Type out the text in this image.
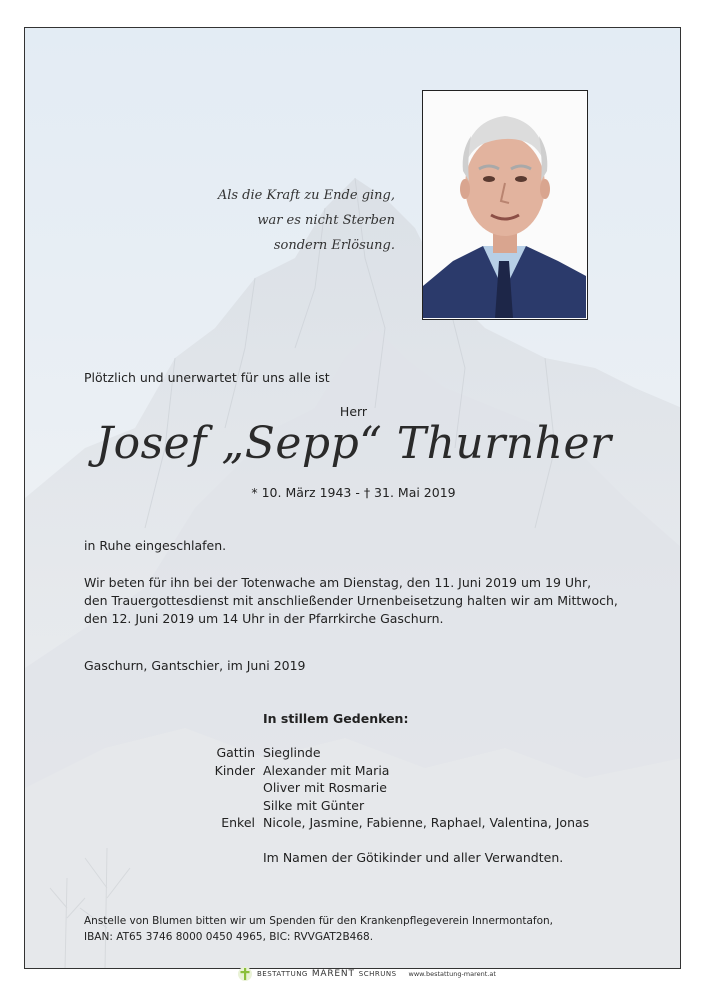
Als die Kraft zu Ende ging,
war es nicht Sterben
sondern Erlösung.
Plötzlich und unerwartet für uns alle ist
Herr
Josef „Sepp“ Thurnher
* 10. März 1943 - † 31. Mai 2019
in Ruhe eingeschlafen.
Wir beten für ihn bei der Totenwache am Dienstag, den 11. Juni 2019 um 19 Uhr,
den Trauergottesdienst mit anschließender Urnenbeisetzung halten wir am Mittwoch,
den 12. Juni 2019 um 14 Uhr in der Pfarrkirche Gaschurn.
Gaschurn, Gantschier, im Juni 2019
In stillem Gedenken:
Gattin Sieglinde
Kinder Alexander mit Maria
Oliver mit Rosmarie
Silke mit Günter
Enkel Nicole, Jasmine, Fabienne, Raphael, Valentina, Jonas
Im Namen der Götikinder und aller Verwandten.
Anstelle von Blumen bitten wir um Spenden für den Krankenpflegeverein Innermontafon,
IBAN: AT65 3746 8000 0450 4965, BIC: RVVGAT2B468.
BESTATTUNG MARENT SCHRUNS www.bestattung-marent.at
